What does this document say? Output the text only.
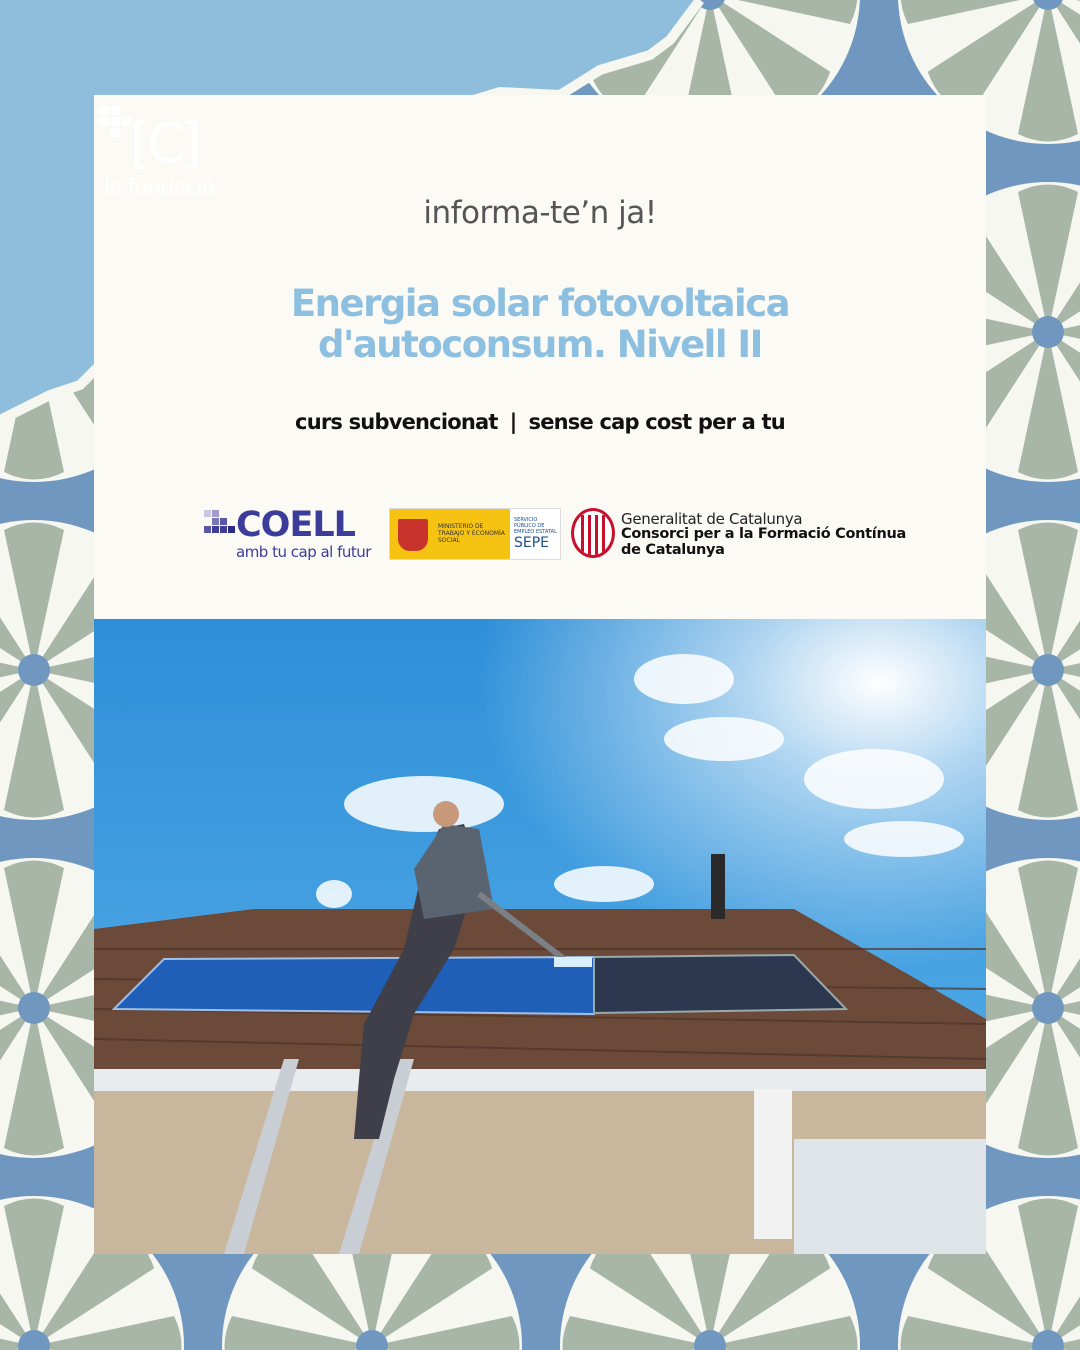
[C]
la fundació
informa-te’n ja!
Energia solar fotovoltaica
d'autoconsum. Nivell II
curs subvencionat | sense cap cost per a tu
COELL
amb tu cap al futur
MINISTERIO DE TRABAJO Y ECONOMÍA SOCIAL
SERVICIO PÚBLICO DE EMPLEO ESTATAL
SEPE
Generalitat de Catalunya
Consorci per a la Formació Contínua
de Catalunya
